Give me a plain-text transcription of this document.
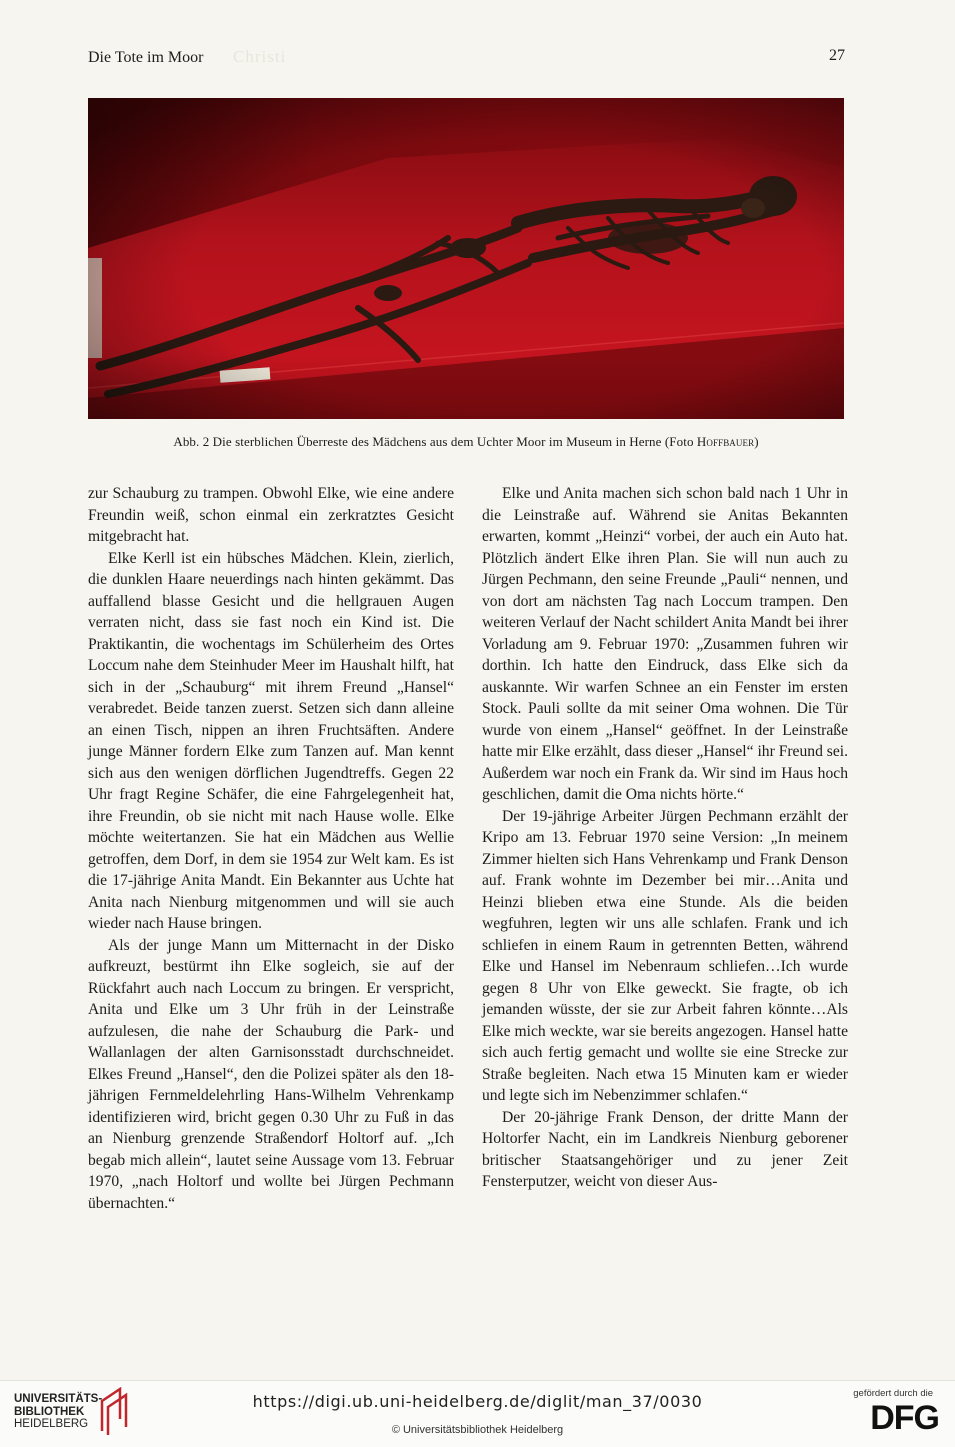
Christi
Die Tote im Moor	27
Abb. 2 Die sterblichen Überreste des Mädchens aus dem Uchter Moor im Museum in Herne (Foto Hoffbauer)

zur Schauburg zu trampen. Obwohl Elke, wie eine andere Freundin weiß, schon einmal ein zerkratztes Gesicht mitgebracht hat.

Elke Kerll ist ein hübsches Mädchen. Klein, zierlich, die dunklen Haare neuerdings nach hinten gekämmt. Das auffallend blasse Gesicht und die hellgrauen Augen verraten nicht, dass sie fast noch ein Kind ist. Die Praktikantin, die wochentags im Schülerheim des Ortes Loccum nahe dem Steinhuder Meer im Haushalt hilft, hat sich in der „Schauburg“ mit ihrem Freund „Hansel“ verabredet. Beide tanzen zuerst. Setzen sich dann alleine an einen Tisch, nippen an ihren Fruchtsäften. Andere junge Männer fordern Elke zum Tanzen auf. Man kennt sich aus den wenigen dörflichen Jugendtreffs. Gegen 22 Uhr fragt Regine Schäfer, die eine Fahrgelegenheit hat, ihre Freundin, ob sie nicht mit nach Hause wolle. Elke möchte weitertanzen. Sie hat ein Mädchen aus Wellie getroffen, dem Dorf, in dem sie 1954 zur Welt kam. Es ist die 17-jährige Anita Mandt. Ein Bekannter aus Uchte hat Anita nach Nienburg mitgenommen und will sie auch wieder nach Hause bringen.

Als der junge Mann um Mitternacht in der Disko aufkreuzt, bestürmt ihn Elke sogleich, sie auf der Rückfahrt auch nach Loccum zu bringen. Er verspricht, Anita und Elke um 3 Uhr früh in der Leinstraße aufzulesen, die nahe der Schauburg die Park- und Wallanlagen der alten Garnisonsstadt durchschneidet. Elkes Freund „Hansel“, den die Polizei später als den 18-jährigen Fernmeldelehrling Hans-Wilhelm Vehrenkamp identifizieren wird, bricht gegen 0.30 Uhr zu Fuß in das an Nienburg grenzende Straßendorf Holtorf auf. „Ich begab mich allein“, lautet seine Aussage vom 13. Februar 1970, „nach Holtorf und wollte bei Jürgen Pechmann übernachten.“

Elke und Anita machen sich schon bald nach 1 Uhr in die Leinstraße auf. Während sie Anitas Bekannten erwarten, kommt „Heinzi“ vorbei, der auch ein Auto hat. Plötzlich ändert Elke ihren Plan. Sie will nun auch zu Jürgen Pechmann, den seine Freunde „Pauli“ nennen, und von dort am nächsten Tag nach Loccum trampen. Den weiteren Verlauf der Nacht schildert Anita Mandt bei ihrer Vorladung am 9. Februar 1970: „Zusammen fuhren wir dorthin. Ich hatte den Eindruck, dass Elke sich da auskannte. Wir warfen Schnee an ein Fenster im ersten Stock. Pauli sollte da mit seiner Oma wohnen. Die Tür wurde von einem „Hansel“ geöffnet. In der Leinstraße hatte mir Elke erzählt, dass dieser „Hansel“ ihr Freund sei. Außerdem war noch ein Frank da. Wir sind im Haus hoch geschlichen, damit die Oma nichts hörte.“

Der 19-jährige Arbeiter Jürgen Pechmann erzählt der Kripo am 13. Februar 1970 seine Version: „In meinem Zimmer hielten sich Hans Vehrenkamp und Frank Denson auf. Frank wohnte im Dezember bei mir…Anita und Heinzi blieben etwa eine Stunde. Als die beiden wegfuhren, legten wir uns alle schlafen. Frank und ich schliefen in einem Raum in getrennten Betten, während Elke und Hansel im Nebenraum schliefen…Ich wurde gegen 8 Uhr von Elke geweckt. Sie fragte, ob ich jemanden wüsste, der sie zur Arbeit fahren könnte…Als Elke mich weckte, war sie bereits angezogen. Hansel hatte sich auch fertig gemacht und wollte sie eine Strecke zur Straße begleiten. Nach etwa 15 Minuten kam er wieder und legte sich im Nebenzimmer schlafen.“

Der 20-jährige Frank Denson, der dritte Mann der Holtorfer Nacht, ein im Landkreis Nienburg geborener britischer Staatsangehöriger und zu jener Zeit Fensterputzer, weicht von dieser Aus-

UNIVERSITÄTS-
BIBLIOTHEK
HEIDELBERG
https://digi.ub.uni-heidelberg.de/diglit/man_37/0030
© Universitätsbibliothek Heidelberg
gefördert durch die
DFG
